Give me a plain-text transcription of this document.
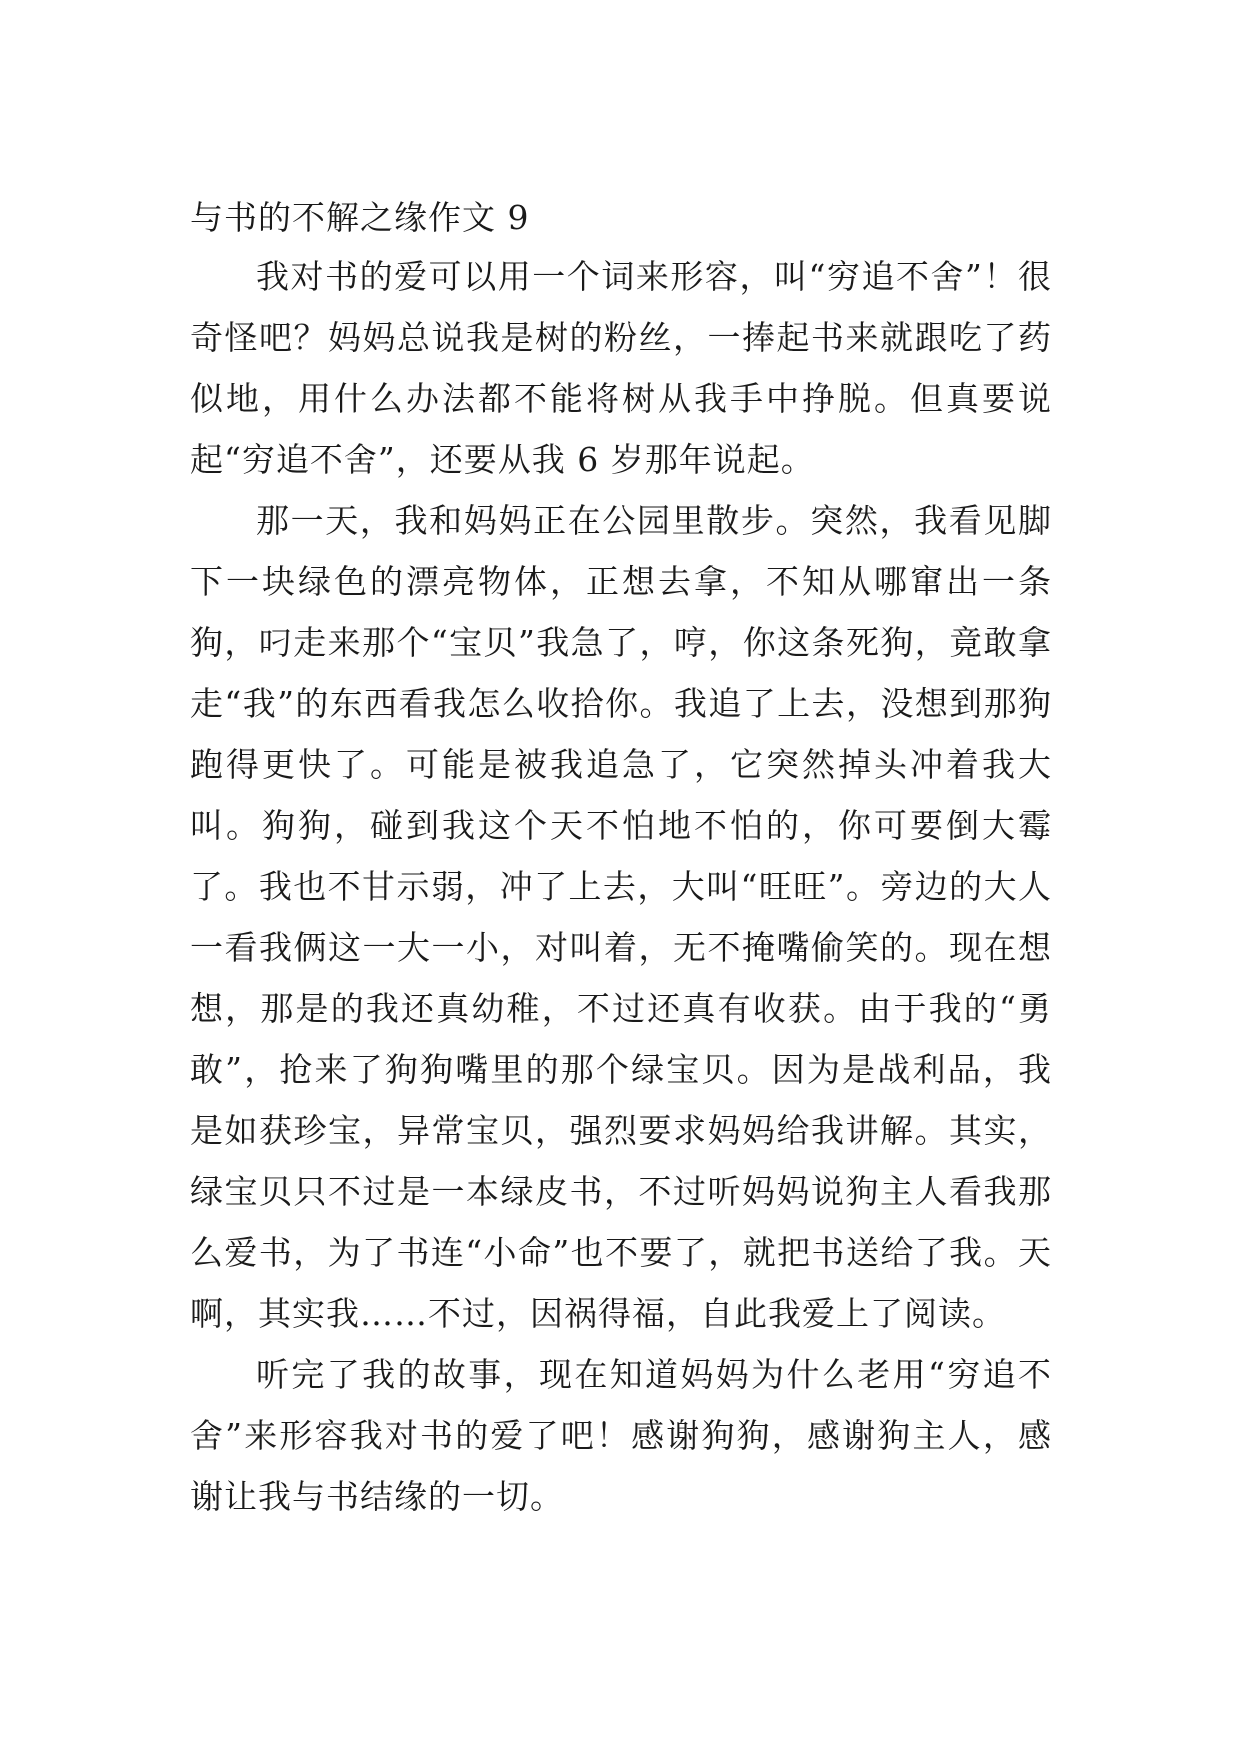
与书的不解之缘作文 9

我对书的爱可以用一个词来形容，叫“穷追不舍”！很奇怪吧？妈妈总说我是树的粉丝，一捧起书来就跟吃了药似地，用什么办法都不能将树从我手中挣脱。但真要说起“穷追不舍”，还要从我 6 岁那年说起。

那一天，我和妈妈正在公园里散步。突然，我看见脚下一块绿色的漂亮物体，正想去拿，不知从哪窜出一条狗，叼走来那个“宝贝”我急了，哼，你这条死狗，竟敢拿走“我”的东西看我怎么收拾你。我追了上去，没想到那狗跑得更快了。可能是被我追急了，它突然掉头冲着我大叫。狗狗，碰到我这个天不怕地不怕的，你可要倒大霉了。我也不甘示弱，冲了上去，大叫“旺旺”。旁边的大人一看我俩这一大一小，对叫着，无不掩嘴偷笑的。现在想想，那是的我还真幼稚，不过还真有收获。由于我的“勇敢”，抢来了狗狗嘴里的那个绿宝贝。因为是战利品，我是如获珍宝，异常宝贝，强烈要求妈妈给我讲解。其实，绿宝贝只不过是一本绿皮书，不过听妈妈说狗主人看我那么爱书，为了书连“小命”也不要了，就把书送给了我。天啊，其实我……不过，因祸得福，自此我爱上了阅读。

听完了我的故事，现在知道妈妈为什么老用“穷追不舍”来形容我对书的爱了吧！感谢狗狗，感谢狗主人，感谢让我与书结缘的一切。
